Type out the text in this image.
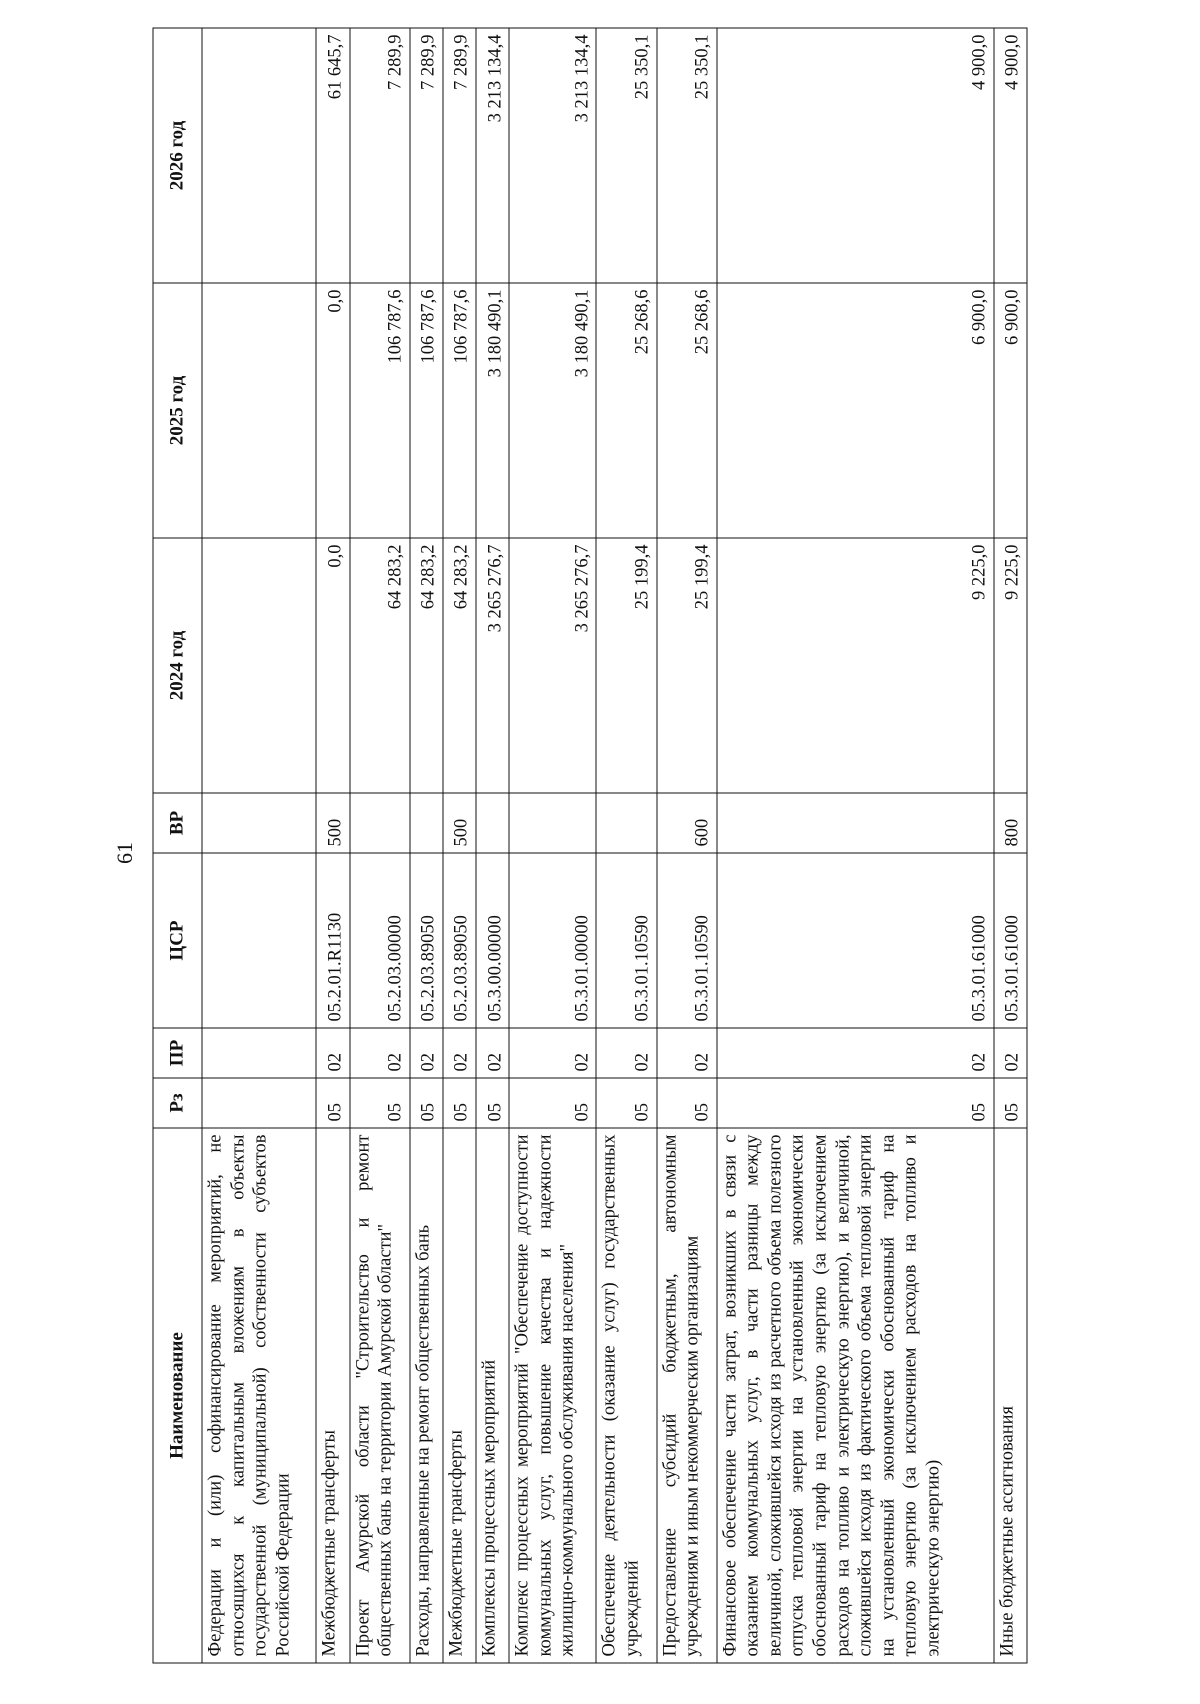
61
Наименование	Рз	ПР	ЦСР	ВР	2024 год	2025 год	2026 год
Федерации и (или) софинансирование мероприятий, не относящихся к капитальным вложениям в объекты государственной (муниципальной) собственности субъектов Российской Федерации							
Межбюджетные трансферты	05	02	05.2.01.R1130	500	0,0	0,0	61 645,7
Проект Амурской области "Строительство и ремонт общественных бань на территории Амурской области"	05	02	05.2.03.00000		64 283,2	106 787,6	7 289,9
Расходы, направленные на ремонт общественных бань	05	02	05.2.03.89050		64 283,2	106 787,6	7 289,9
Межбюджетные трансферты	05	02	05.2.03.89050	500	64 283,2	106 787,6	7 289,9
Комплексы процессных мероприятий	05	02	05.3.00.00000		3 265 276,7	3 180 490,1	3 213 134,4
Комплекс процессных мероприятий "Обеспечение доступности коммунальных услуг, повышение качества и надежности жилищно-коммунального обслуживания населения"	05	02	05.3.01.00000		3 265 276,7	3 180 490,1	3 213 134,4
Обеспечение деятельности (оказание услуг) государственных учреждений	05	02	05.3.01.10590		25 199,4	25 268,6	25 350,1
Предоставление субсидий бюджетным, автономным учреждениям и иным некоммерческим организациям	05	02	05.3.01.10590	600	25 199,4	25 268,6	25 350,1
Финансовое обеспечение части затрат, возникших в связи с оказанием коммунальных услуг, в части разницы между величиной, сложившейся исходя из расчетного объема полезного отпуска тепловой энергии на установленный экономически обоснованный тариф на тепловую энергию (за исключением расходов на топливо и электрическую энергию), и величиной, сложившейся исходя из фактического объема тепловой энергии на установленный экономически обоснованный тариф на тепловую энергию (за исключением расходов на топливо и электрическую энергию)	05	02	05.3.01.61000		9 225,0	6 900,0	4 900,0
Иные бюджетные ассигнования	05	02	05.3.01.61000	800	9 225,0	6 900,0	4 900,0
